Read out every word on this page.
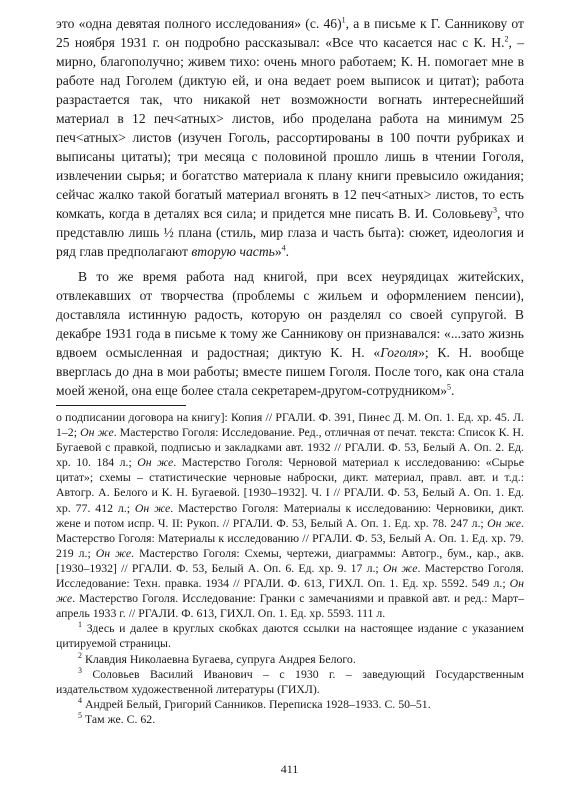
это «одна девятая полного исследования» (с. 46)$^1$, а в письме к Г. Санникову от 25 ноября 1931 г. он подробно рассказывал: «Все что касается нас с К. Н.$^2$, – мирно, благополучно; живем тихо: очень много работаем; К. Н. помогает мне в работе над Гоголем (диктую ей, и она ведает роем выписок и цитат); работа разрастается так, что никакой нет возможности вогнать интереснейший материал в 12 печ<атных> листов, ибо проделана работа на минимум 25 печ<атных> листов (изучен Гоголь, рассортированы в 100 почти рубриках и выписаны цитаты); три месяца с половиной прошло лишь в чтении Гоголя, извлечении сырья; и богатство материала к плану книги превысило ожидания; сейчас жалко такой богатый материал вгонять в 12 печ<атных> листов, то есть комкать, когда в деталях вся сила; и придется мне писать В. И. Соловьеву$^3$, что представлю лишь ½ плана (стиль, мир глаза и часть быта): сюжет, идеология и ряд глав предполагают вторую часть»$^4$.

В то же время работа над книгой, при всех неурядицах житейских, отвлекавших от творчества (проблемы с жильем и оформлением пенсии), доставляла истинную радость, которую он разделял со своей супругой. В декабре 1931 года в письме к тому же Санникову он признавался: «...зато жизнь вдвоем осмысленная и радостная; диктую К. Н. «Гоголя»; К. Н. вообще вверглась до дна в мои работы; вместе пишем Гоголя. После того, как она стала моей женой, она еще более стала секретарем-другом-сотрудником»$^5$.

о подписании договора на книгу]: Копия // РГАЛИ. Ф. 391, Пинес Д. М. Оп. 1. Ед. хр. 45. Л. 1–2; Он же. Мастерство Гоголя: Исследование. Ред., отличная от печат. текста: Список К. Н. Бугаевой с правкой, подписью и закладками авт. 1932 // РГАЛИ. Ф. 53, Белый А. Оп. 2. Ед. хр. 10. 184 л.; Он же. Мастерство Гоголя: Черновой материал к исследованию: «Сырье цитат»; схемы – статистические черновые наброски, дикт. материал, правл. авт. и т.д.: Автогр. А. Белого и К. Н. Бугаевой. [1930–1932]. Ч. I // РГАЛИ. Ф. 53, Белый А. Оп. 1. Ед. хр. 77. 412 л.; Он же. Мастерство Гоголя: Материалы к исследованию: Черновики, дикт. жене и потом испр. Ч. II: Рукоп. // РГАЛИ. Ф. 53, Белый А. Оп. 1. Ед. хр. 78. 247 л.; Он же. Мастерство Гоголя: Материалы к исследованию // РГАЛИ. Ф. 53, Белый А. Оп. 1. Ед. хр. 79. 219 л.; Он же. Мастерство Гоголя: Схемы, чертежи, диаграммы: Автогр., бум., кар., акв. [1930–1932] // РГАЛИ. Ф. 53, Белый А. Оп. 6. Ед. хр. 9. 17 л.; Он же. Мастерство Гоголя. Исследование: Техн. правка. 1934 // РГАЛИ. Ф. 613, ГИХЛ. Оп. 1. Ед. хр. 5592. 549 л.; Он же. Мастерство Гоголя. Исследование: Гранки с замечаниями и правкой авт. и ред.: Март–апрель 1933 г. // РГАЛИ. Ф. 613, ГИХЛ. Оп. 1. Ед. хр. 5593. 111 л.

$^1$ Здесь и далее в круглых скобках даются ссылки на настоящее издание с указанием цитируемой страницы.

$^2$ Клавдия Николаевна Бугаева, супруга Андрея Белого.

$^3$ Соловьев Василий Иванович – с 1930 г. – заведующий Государственным издательством художественной литературы (ГИХЛ).

$^4$ Андрей Белый, Григорий Санников. Переписка 1928–1933. С. 50–51.

$^5$ Там же. С. 62.

411
